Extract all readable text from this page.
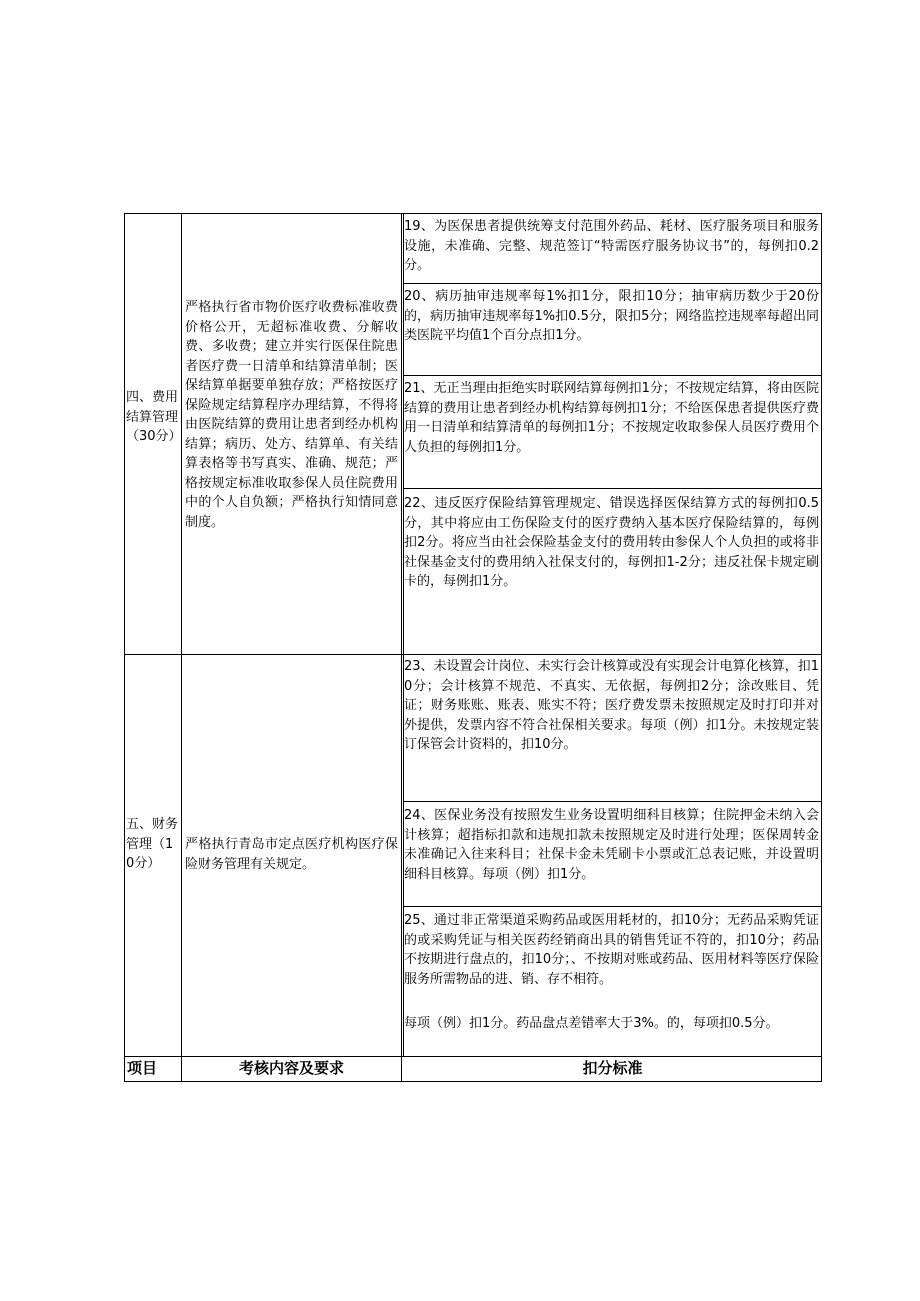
四、费用结算管理（30分）
严格执行省市物价医疗收费标准收费价格公开，无超标准收费、分解收费、多收费；建立并实行医保住院患者医疗费一日清单和结算清单制；医保结算单据要单独存放；严格按医疗保险规定结算程序办理结算，不得将由医院结算的费用让患者到经办机构结算；病历、处方、结算单、有关结算表格等书写真实、准确、规范；严格按规定标准收取参保人员住院费用中的个人自负额；严格执行知情同意制度。
19、为医保患者提供统筹支付范围外药品、耗材、医疗服务项目和服务设施，未准确、完整、规范签订“特需医疗服务协议书”的，每例扣0.2分。
20、病历抽审违规率每1%扣1分，限扣10分；抽审病历数少于20份的，病历抽审违规率每1%扣0.5分，限扣5分；网络监控违规率每超出同类医院平均值1个百分点扣1分。
21、无正当理由拒绝实时联网结算每例扣1分；不按规定结算，将由医院结算的费用让患者到经办机构结算每例扣1分；不给医保患者提供医疗费用一日清单和结算清单的每例扣1分；不按规定收取参保人员医疗费用个人负担的每例扣1分。
22、违反医疗保险结算管理规定、错误选择医保结算方式的每例扣0.5分，其中将应由工伤保险支付的医疗费纳入基本医疗保险结算的，每例扣2分。将应当由社会保险基金支付的费用转由参保人个人负担的或将非社保基金支付的费用纳入社保支付的，每例扣1-2分；违反社保卡规定刷卡的，每例扣1分。
五、财务管理（10分）
严格执行青岛市定点医疗机构医疗保险财务管理有关规定。
23、未设置会计岗位、未实行会计核算或没有实现会计电算化核算，扣10分；会计核算不规范、不真实、无依据，每例扣2分；涂改账目、凭证；财务账账、账表、账实不符；医疗费发票未按照规定及时打印并对外提供，发票内容不符合社保相关要求。每项（例）扣1分。未按规定装订保管会计资料的，扣10分。
24、医保业务没有按照发生业务设置明细科目核算；住院押金未纳入会计核算；超指标扣款和违规扣款未按照规定及时进行处理；医保周转金未准确记入往来科目；社保卡金未凭刷卡小票或汇总表记账，并设置明细科目核算。每项（例）扣1分。
25、通过非正常渠道采购药品或医用耗材的，扣10分；无药品采购凭证的或采购凭证与相关医药经销商出具的销售凭证不符的，扣10分；药品不按期进行盘点的，扣10分；、不按期对账或药品、医用材料等医疗保险服务所需物品的进、销、存不相符。
每项（例）扣1分。药品盘点差错率大于3%。的，每项扣0.5分。
项目	考核内容及要求	扣分标准
